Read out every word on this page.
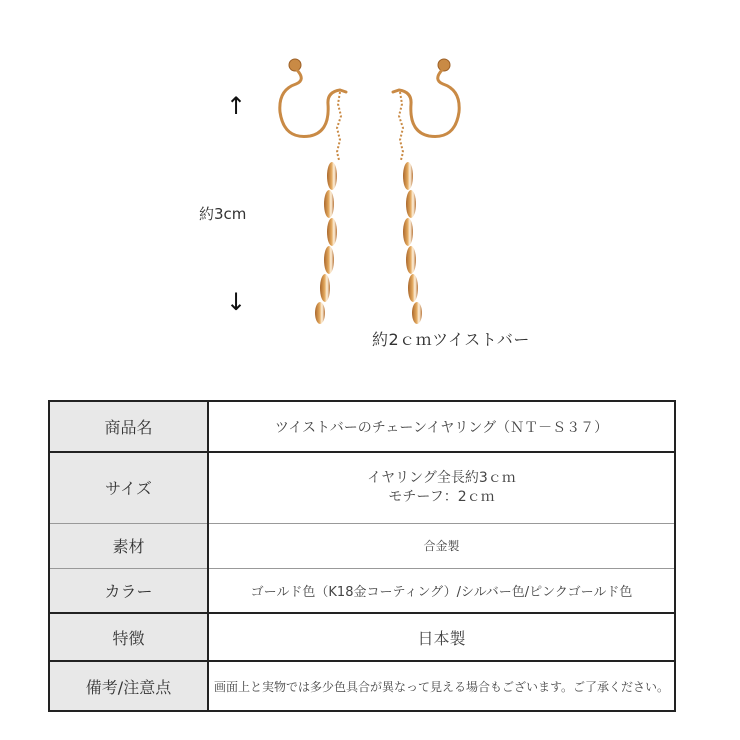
↑
↓
約3cm
約2ｃｍツイストバー
商品名	ツイストバーのチェーンイヤリング（ＮＴ－Ｓ３７）
サイズ	イヤリング全長約3ｃｍ
モチーフ：2ｃｍ

素材	合金製
カラー	ゴールド色（K18金コーティング）/シルバー色/ピンクゴールド色
特徴	日本製
備考/注意点	画面上と実物では多少色具合が異なって見える場合もございます。ご了承ください。
